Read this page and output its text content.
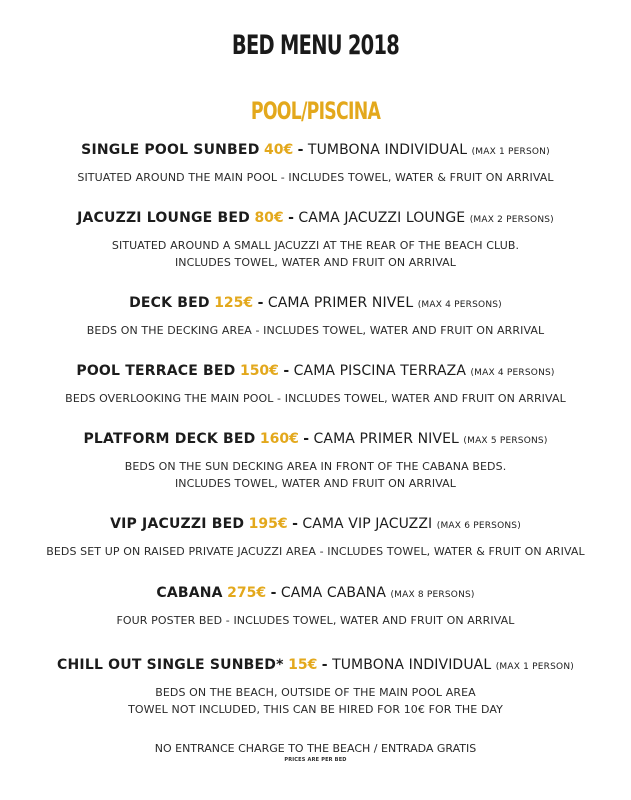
BED MENU 2018
POOL/PISCINA
SINGLE POOL SUNBED 40€ - TUMBONA INDIVIDUAL (MAX 1 PERSON)
SITUATED AROUND THE MAIN POOL - INCLUDES TOWEL, WATER & FRUIT ON ARRIVAL
JACUZZI LOUNGE BED 80€ - CAMA JACUZZI LOUNGE (MAX 2 PERSONS)
SITUATED AROUND A SMALL JACUZZI AT THE REAR OF THE BEACH CLUB.
INCLUDES TOWEL, WATER AND FRUIT ON ARRIVAL
DECK BED 125€ - CAMA PRIMER NIVEL (MAX 4 PERSONS)
BEDS ON THE DECKING AREA - INCLUDES TOWEL, WATER AND FRUIT ON ARRIVAL
POOL TERRACE BED 150€ - CAMA PISCINA TERRAZA (MAX 4 PERSONS)
BEDS OVERLOOKING THE MAIN POOL - INCLUDES TOWEL, WATER AND FRUIT ON ARRIVAL
PLATFORM DECK BED 160€ - CAMA PRIMER NIVEL (MAX 5 PERSONS)
BEDS ON THE SUN DECKING AREA IN FRONT OF THE CABANA BEDS.
INCLUDES TOWEL, WATER AND FRUIT ON ARRIVAL
VIP JACUZZI BED 195€ - CAMA VIP JACUZZI (MAX 6 PERSONS)
BEDS SET UP ON RAISED PRIVATE JACUZZI AREA - INCLUDES TOWEL, WATER & FRUIT ON ARIVAL
CABANA 275€ - CAMA CABANA (MAX 8 PERSONS)
FOUR POSTER BED - INCLUDES TOWEL, WATER AND FRUIT ON ARRIVAL
CHILL OUT SINGLE SUNBED* 15€ - TUMBONA INDIVIDUAL (MAX 1 PERSON)
BEDS ON THE BEACH, OUTSIDE OF THE MAIN POOL AREA
TOWEL NOT INCLUDED, THIS CAN BE HIRED FOR 10€ FOR THE DAY
NO ENTRANCE CHARGE TO THE BEACH / ENTRADA GRATIS
PRICES ARE PER BED
